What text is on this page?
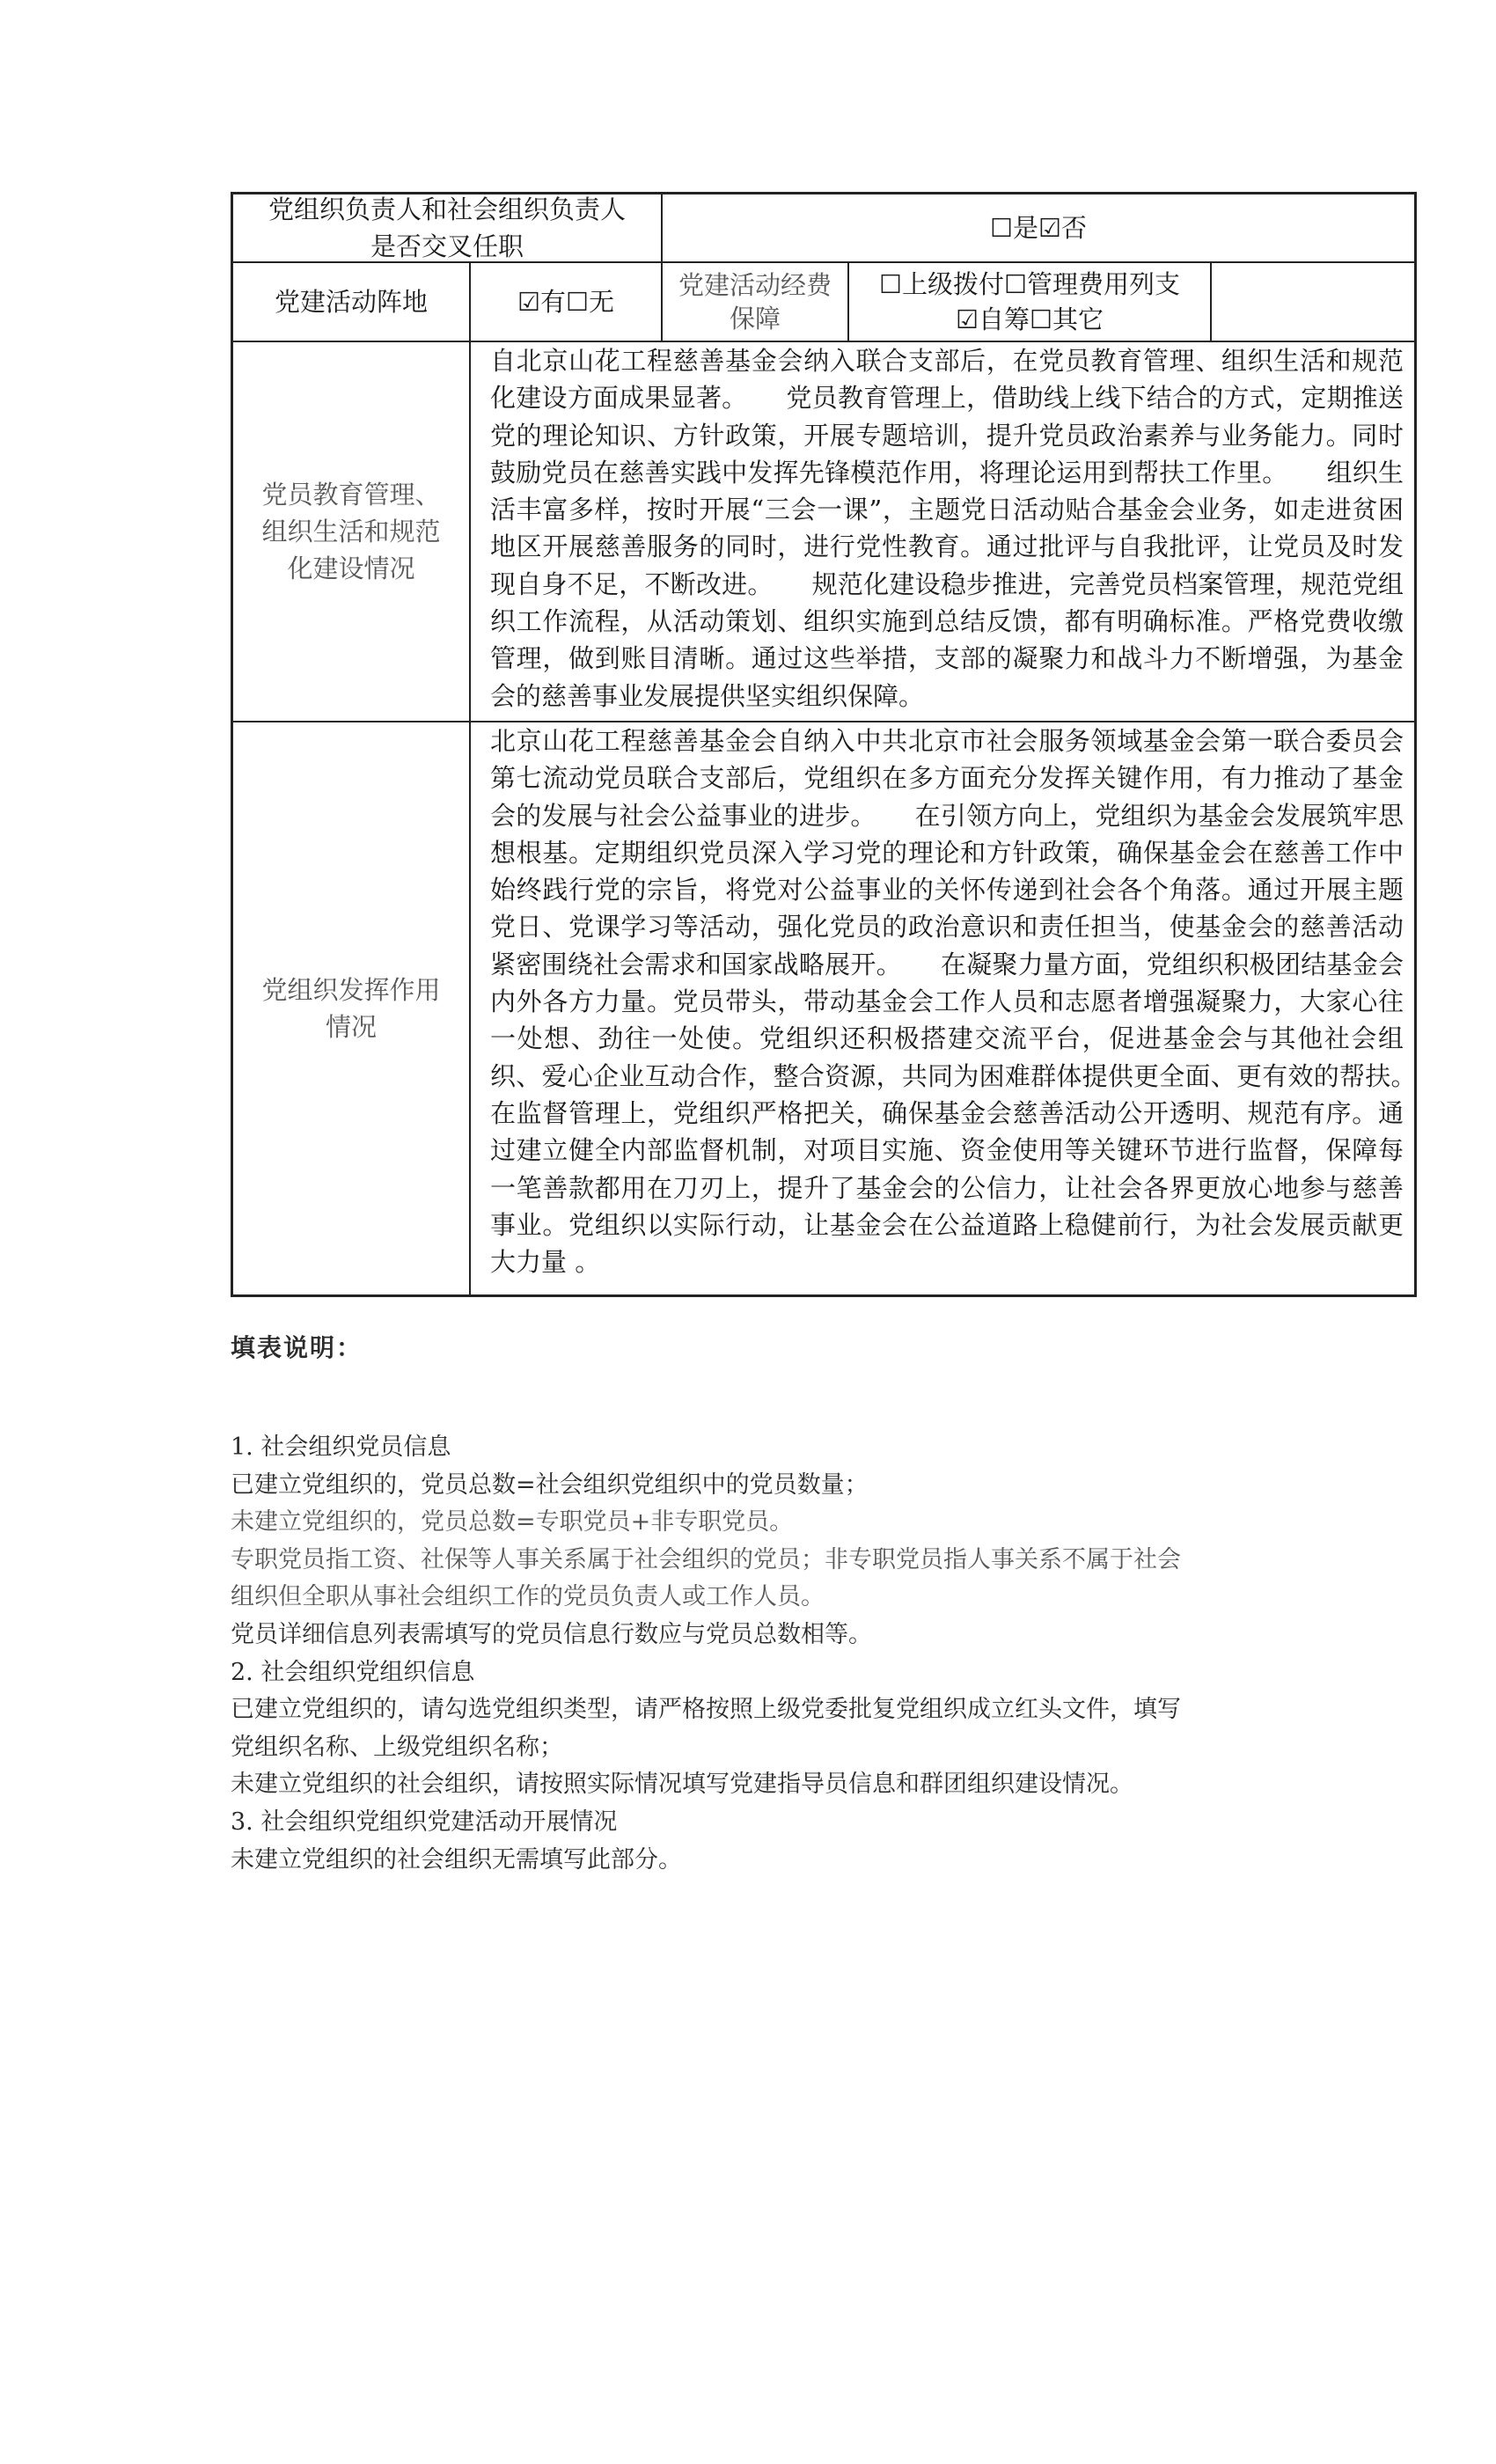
党组织负责人和社会组织负责人
是否交叉任职
☐是☑否
党建活动阵地	☑有☐无
党建活动经费
保障
☐上级拨付☐管理费用列支
☑自筹☐其它
党员教育管理、
组织生活和规范
化建设情况
自北京山花工程慈善基金会纳入联合支部后，在党员教育管理、组织生活和规范化建设方面成果显著。　　党员教育管理上，借助线上线下结合的方式，定期推送党的理论知识、方针政策，开展专题培训，提升党员政治素养与业务能力。同时鼓励党员在慈善实践中发挥先锋模范作用，将理论运用到帮扶工作里。　　组织生活丰富多样，按时开展“三会一课”，主题党日活动贴合基金会业务，如走进贫困地区开展慈善服务的同时，进行党性教育。通过批评与自我批评，让党员及时发现自身不足，不断改进。　　规范化建设稳步推进，完善党员档案管理，规范党组织工作流程，从活动策划、组织实施到总结反馈，都有明确标准。严格党费收缴管理，做到账目清晰。通过这些举措，支部的凝聚力和战斗力不断增强，为基金会的慈善事业发展提供坚实组织保障。
党组织发挥作用
情况
北京山花工程慈善基金会自纳入中共北京市社会服务领域基金会第一联合委员会第七流动党员联合支部后，党组织在多方面充分发挥关键作用，有力推动了基金会的发展与社会公益事业的进步。　　在引领方向上，党组织为基金会发展筑牢思想根基。定期组织党员深入学习党的理论和方针政策，确保基金会在慈善工作中始终践行党的宗旨，将党对公益事业的关怀传递到社会各个角落。通过开展主题党日、党课学习等活动，强化党员的政治意识和责任担当，使基金会的慈善活动紧密围绕社会需求和国家战略展开。　　在凝聚力量方面，党组织积极团结基金会内外各方力量。党员带头，带动基金会工作人员和志愿者增强凝聚力，大家心往一处想、劲往一处使。党组织还积极搭建交流平台，促进基金会与其他社会组织、爱心企业互动合作，整合资源，共同为困难群体提供更全面、更有效的帮扶。　　在监督管理上，党组织严格把关，确保基金会慈善活动公开透明、规范有序。通过建立健全内部监督机制，对项目实施、资金使用等关键环节进行监督，保障每一笔善款都用在刀刃上，提升了基金会的公信力，让社会各界更放心地参与慈善事业。党组织以实际行动，让基金会在公益道路上稳健前行，为社会发展贡献更大力量 。
填表说明：
1. 社会组织党员信息
已建立党组织的，党员总数=社会组织党组织中的党员数量；
未建立党组织的，党员总数=专职党员+非专职党员。
专职党员指工资、社保等人事关系属于社会组织的党员；非专职党员指人事关系不属于社会
组织但全职从事社会组织工作的党员负责人或工作人员。
党员详细信息列表需填写的党员信息行数应与党员总数相等。
2. 社会组织党组织信息
已建立党组织的，请勾选党组织类型，请严格按照上级党委批复党组织成立红头文件，填写
党组织名称、上级党组织名称；
未建立党组织的社会组织，请按照实际情况填写党建指导员信息和群团组织建设情况。
3. 社会组织党组织党建活动开展情况
未建立党组织的社会组织无需填写此部分。
